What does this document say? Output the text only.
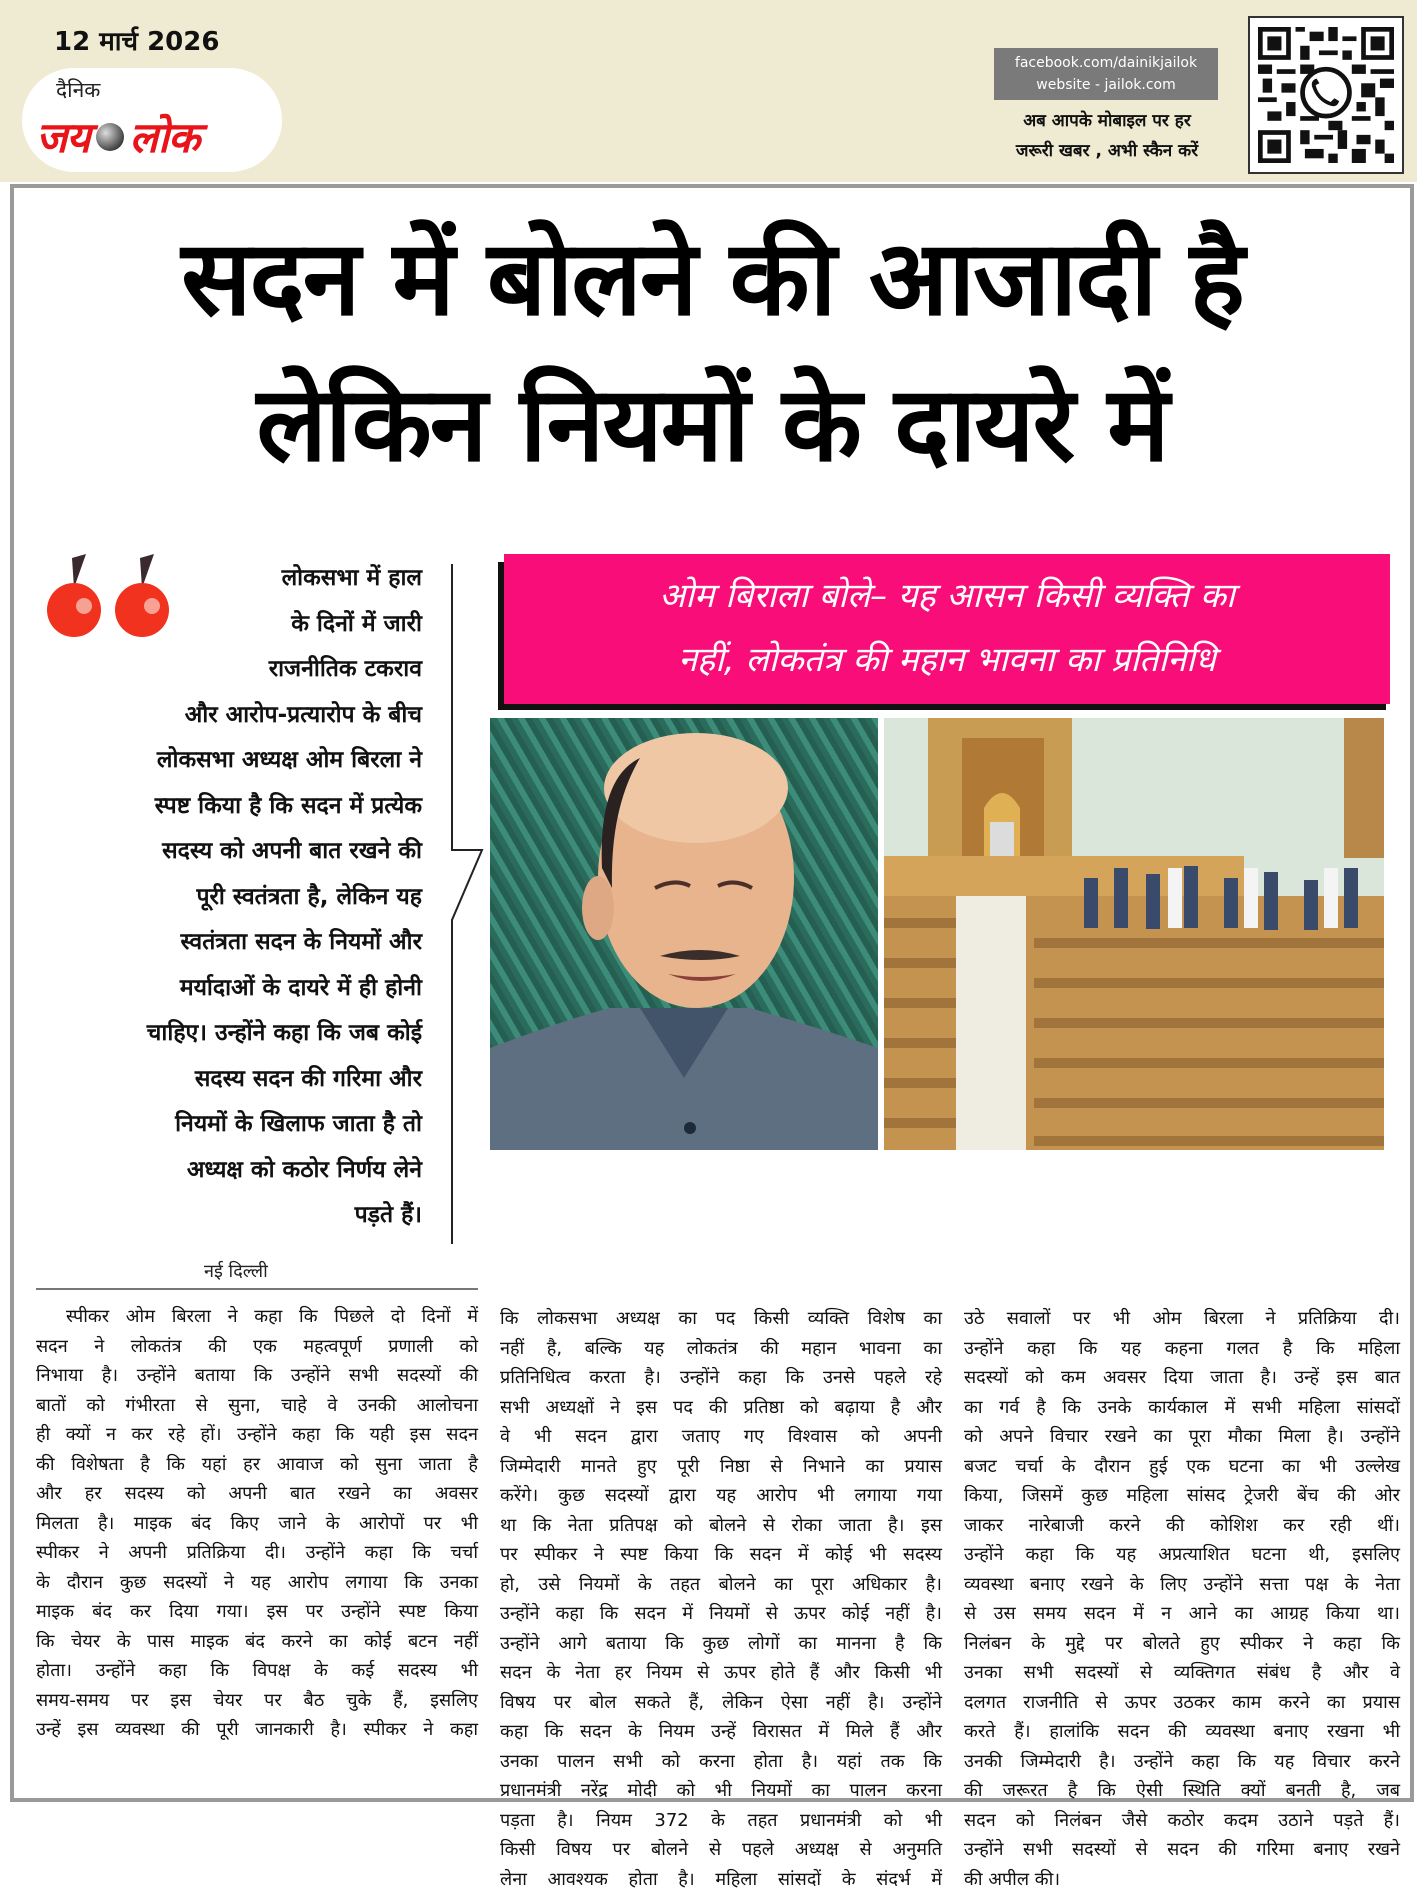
12 मार्च 2026
दैनिक
जय लोक
facebook.com/dainikjailok
website - jailok.com
अब आपके मोबाइल पर हर
जरूरी खबर , अभी स्कैन करें
सदन में बोलने की आजादी है
लेकिन नियमों के दायरे में
लोकसभा में हाल
के दिनों में जारी
राजनीतिक टकराव
और आरोप-प्रत्यारोप के बीच
लोकसभा अध्यक्ष ओम बिरला ने
स्पष्ट किया है कि सदन में प्रत्येक
सदस्य को अपनी बात रखने की
पूरी स्वतंत्रता है, लेकिन यह
स्वतंत्रता सदन के नियमों और
मर्यादाओं के दायरे में ही होनी
चाहिए। उन्होंने कहा कि जब कोई
सदस्य सदन की गरिमा और
नियमों के खिलाफ जाता है तो
अध्यक्ष को कठोर निर्णय लेने
पड़ते हैं।
ओम बिराला बोले– यह आसन किसी व्यक्ति का
नहीं, लोकतंत्र की महान भावना का प्रतिनिधि
नई दिल्ली
स्पीकर ओम बिरला ने कहा कि पिछले दो दिनों में
सदन ने लोकतंत्र की एक महत्वपूर्ण प्रणाली को
निभाया है। उन्होंने बताया कि उन्होंने सभी सदस्यों की
बातों को गंभीरता से सुना, चाहे वे उनकी आलोचना
ही क्यों न कर रहे हों। उन्होंने कहा कि यही इस सदन
की विशेषता है कि यहां हर आवाज को सुना जाता है
और हर सदस्य को अपनी बात रखने का अवसर
मिलता है। माइक बंद किए जाने के आरोपों पर भी
स्पीकर ने अपनी प्रतिक्रिया दी। उन्होंने कहा कि चर्चा
के दौरान कुछ सदस्यों ने यह आरोप लगाया कि उनका
माइक बंद कर दिया गया। इस पर उन्होंने स्पष्ट किया
कि चेयर के पास माइक बंद करने का कोई बटन नहीं
होता। उन्होंने कहा कि विपक्ष के कई सदस्य भी
समय-समय पर इस चेयर पर बैठ चुके हैं, इसलिए
उन्हें इस व्यवस्था की पूरी जानकारी है। स्पीकर ने कहा
कि लोकसभा अध्यक्ष का पद किसी व्यक्ति विशेष का
नहीं है, बल्कि यह लोकतंत्र की महान भावना का
प्रतिनिधित्व करता है। उन्होंने कहा कि उनसे पहले रहे
सभी अध्यक्षों ने इस पद की प्रतिष्ठा को बढ़ाया है और
वे भी सदन द्वारा जताए गए विश्वास को अपनी
जिम्मेदारी मानते हुए पूरी निष्ठा से निभाने का प्रयास
करेंगे। कुछ सदस्यों द्वारा यह आरोप भी लगाया गया
था कि नेता प्रतिपक्ष को बोलने से रोका जाता है। इस
पर स्पीकर ने स्पष्ट किया कि सदन में कोई भी सदस्य
हो, उसे नियमों के तहत बोलने का पूरा अधिकार है।
उन्होंने कहा कि सदन में नियमों से ऊपर कोई नहीं है।
उन्होंने आगे बताया कि कुछ लोगों का मानना है कि
सदन के नेता हर नियम से ऊपर होते हैं और किसी भी
विषय पर बोल सकते हैं, लेकिन ऐसा नहीं है। उन्होंने
कहा कि सदन के नियम उन्हें विरासत में मिले हैं और
उनका पालन सभी को करना होता है। यहां तक कि
प्रधानमंत्री नरेंद्र मोदी को भी नियमों का पालन करना
पड़ता है। नियम 372 के तहत प्रधानमंत्री को भी
किसी विषय पर बोलने से पहले अध्यक्ष से अनुमति
लेना आवश्यक होता है। महिला सांसदों के संदर्भ में
उठे सवालों पर भी ओम बिरला ने प्रतिक्रिया दी।
उन्होंने कहा कि यह कहना गलत है कि महिला
सदस्यों को कम अवसर दिया जाता है। उन्हें इस बात
का गर्व है कि उनके कार्यकाल में सभी महिला सांसदों
को अपने विचार रखने का पूरा मौका मिला है। उन्होंने
बजट चर्चा के दौरान हुई एक घटना का भी उल्लेख
किया, जिसमें कुछ महिला सांसद ट्रेजरी बेंच की ओर
जाकर नारेबाजी करने की कोशिश कर रही थीं।
उन्होंने कहा कि यह अप्रत्याशित घटना थी, इसलिए
व्यवस्था बनाए रखने के लिए उन्होंने सत्ता पक्ष के नेता
से उस समय सदन में न आने का आग्रह किया था।
निलंबन के मुद्दे पर बोलते हुए स्पीकर ने कहा कि
उनका सभी सदस्यों से व्यक्तिगत संबंध है और वे
दलगत राजनीति से ऊपर उठकर काम करने का प्रयास
करते हैं। हालांकि सदन की व्यवस्था बनाए रखना भी
उनकी जिम्मेदारी है। उन्होंने कहा कि यह विचार करने
की जरूरत है कि ऐसी स्थिति क्यों बनती है, जब
सदन को निलंबन जैसे कठोर कदम उठाने पड़ते हैं।
उन्होंने सभी सदस्यों से सदन की गरिमा बनाए रखने
की अपील की।
